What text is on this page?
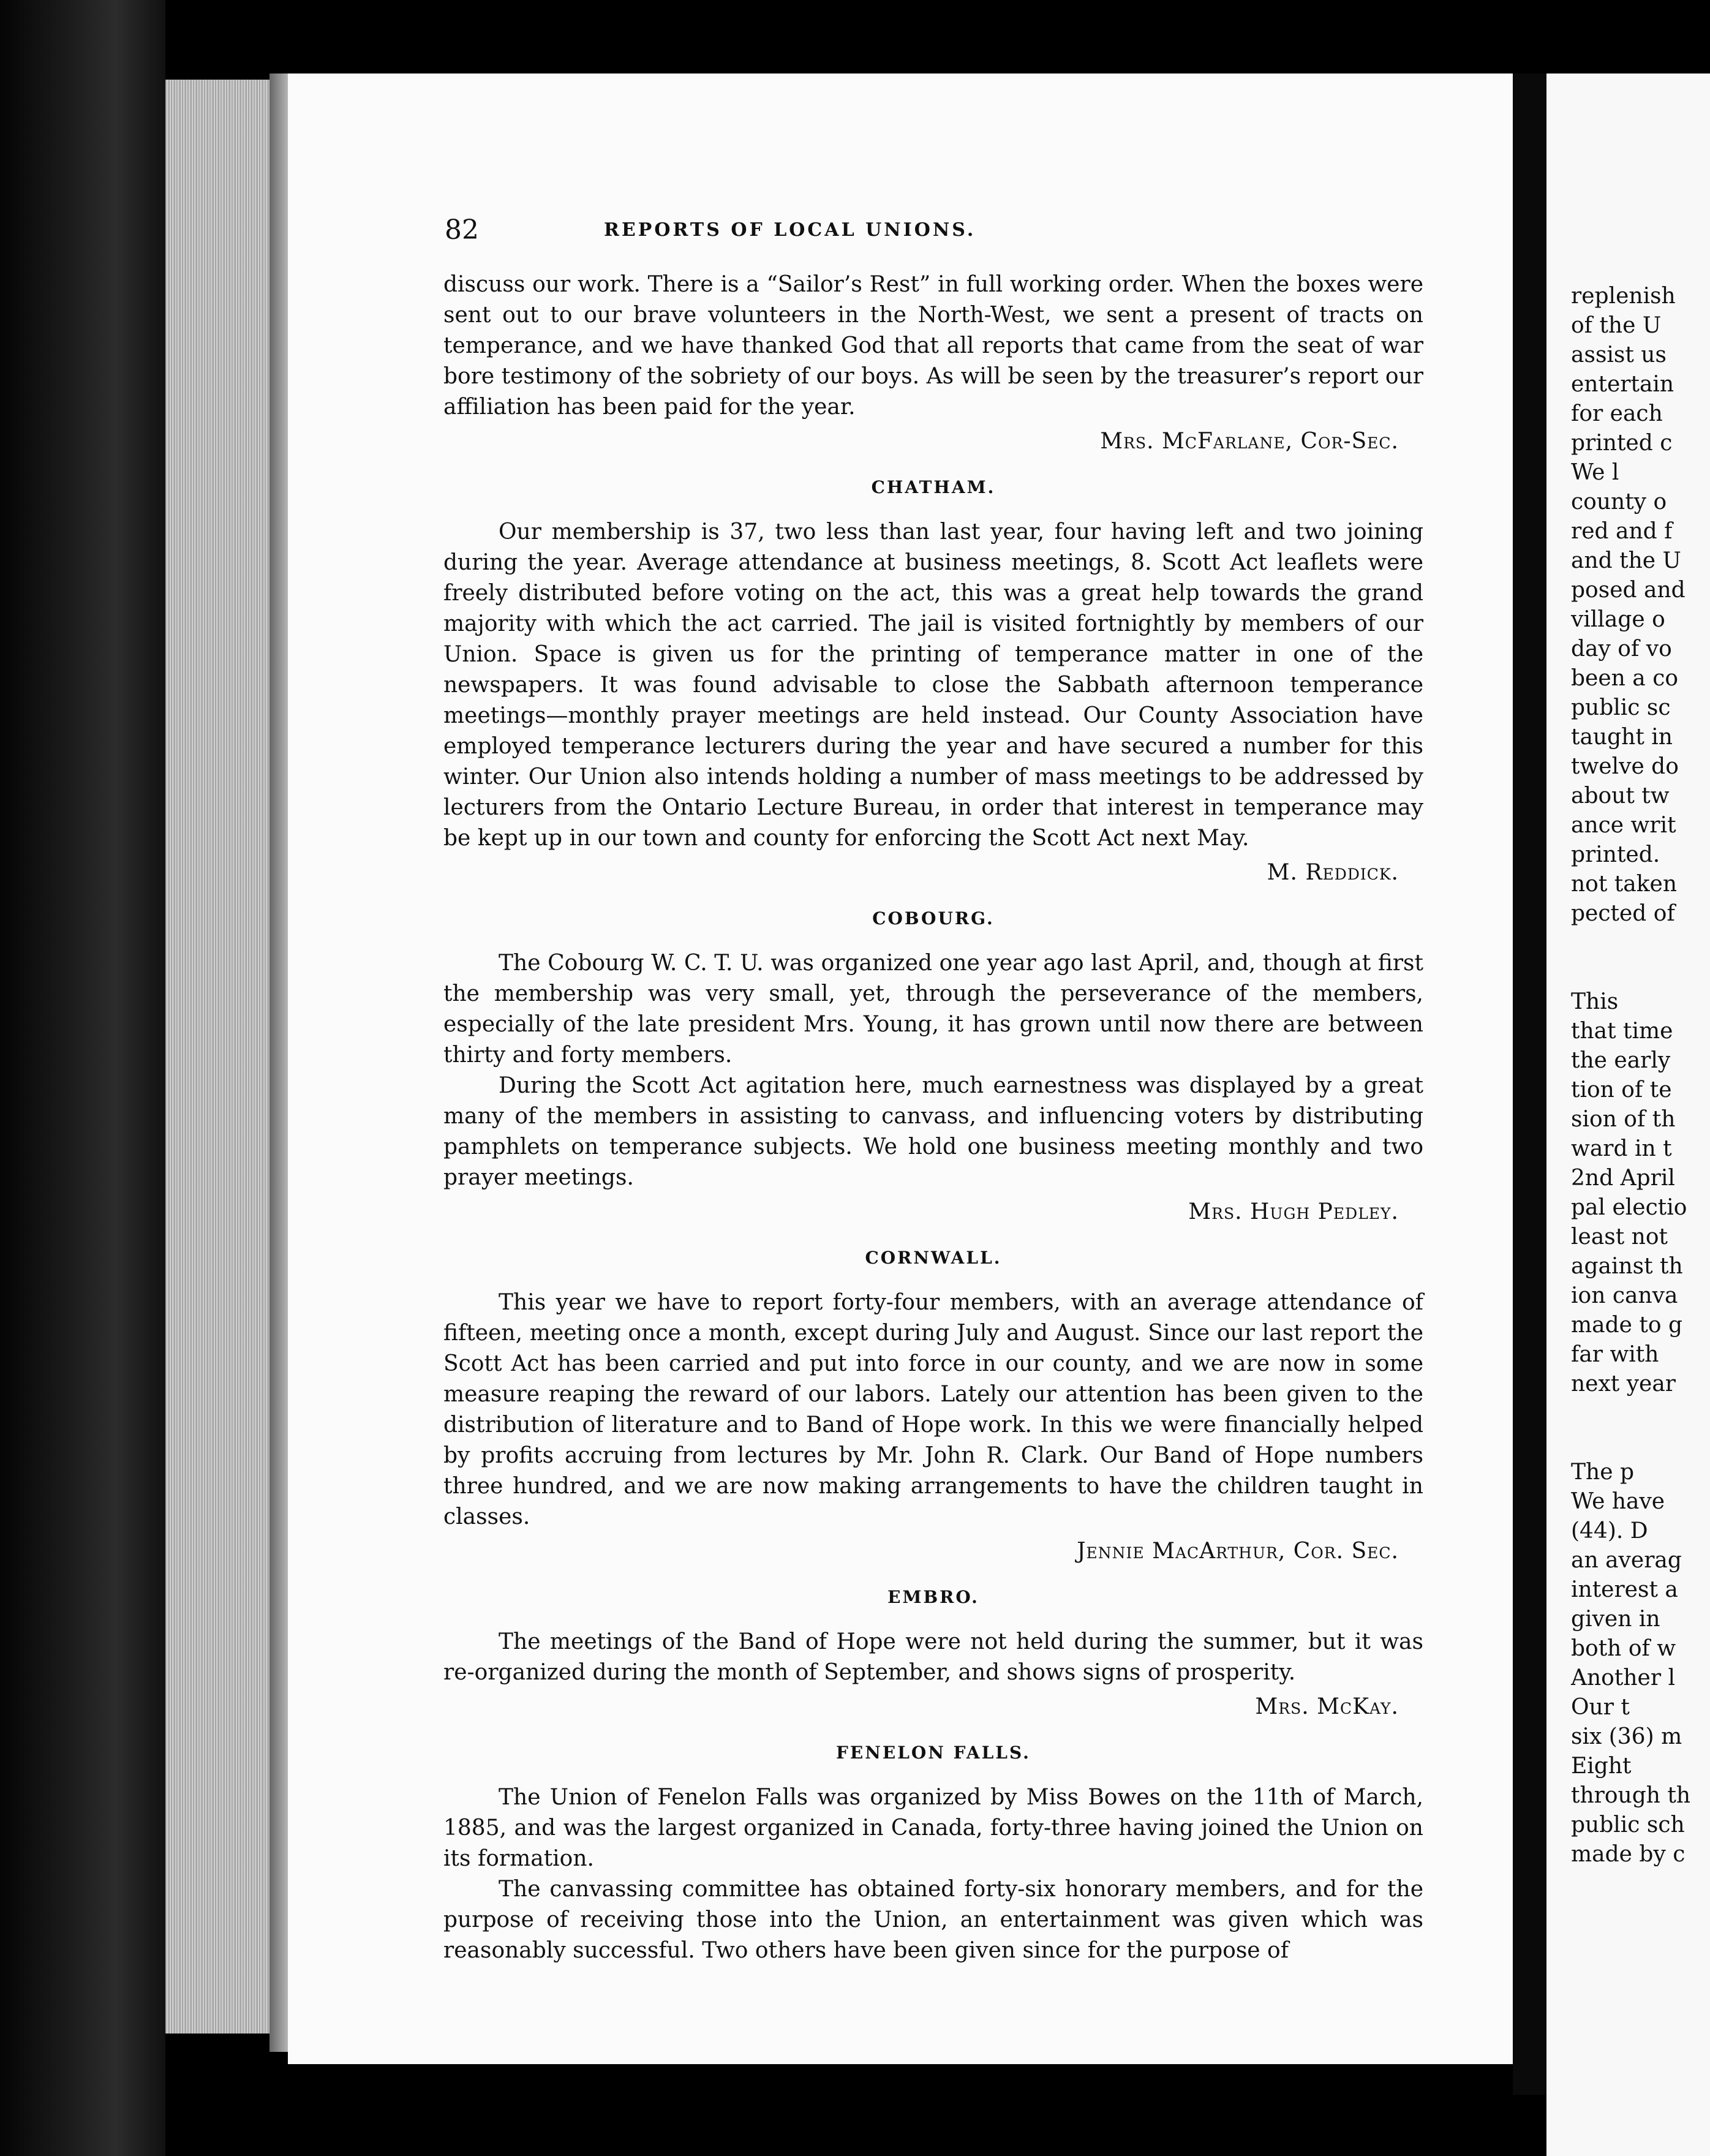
82	REPORTS OF LOCAL UNIONS.

discuss our work. There is a “Sailor’s Rest” in full working order. When the boxes were sent out to our brave volunteers in the North-West, we sent a present of tracts on temperance, and we have thanked God that all reports that came from the seat of war bore testimony of the sobriety of our boys. As will be seen by the treasurer’s report our affiliation has been paid for the year.

Mrs. McFarlane, Cor-Sec.

CHATHAM.

Our membership is 37, two less than last year, four having left and two joining during the year. Average attendance at business meetings, 8. Scott Act leaflets were freely distributed before voting on the act, this was a great help towards the grand majority with which the act carried. The jail is visited fortnightly by members of our Union. Space is given us for the printing of temperance matter in one of the newspapers. It was found advisable to close the Sabbath afternoon temperance meetings—monthly prayer meetings are held instead. Our County Association have employed temperance lecturers during the year and have secured a number for this winter. Our Union also intends holding a number of mass meetings to be addressed by lecturers from the Ontario Lecture Bureau, in order that interest in temperance may be kept up in our town and county for enforcing the Scott Act next May.

M. Reddick.

COBOURG.

The Cobourg W. C. T. U. was organized one year ago last April, and, though at first the membership was very small, yet, through the perseverance of the members, especially of the late president Mrs. Young, it has grown until now there are between thirty and forty members.

During the Scott Act agitation here, much earnestness was displayed by a great many of the members in assisting to canvass, and influencing voters by distributing pamphlets on temperance subjects. We hold one business meeting monthly and two prayer meetings.

Mrs. Hugh Pedley.

CORNWALL.

This year we have to report forty-four members, with an average attendance of fifteen, meeting once a month, except during July and August. Since our last report the Scott Act has been carried and put into force in our county, and we are now in some measure reaping the reward of our labors. Lately our attention has been given to the distribution of literature and to Band of Hope work. In this we were financially helped by profits accruing from lectures by Mr. John R. Clark. Our Band of Hope numbers three hundred, and we are now making arrangements to have the children taught in classes.

Jennie MacArthur, Cor. Sec.

EMBRO.

The meetings of the Band of Hope were not held during the summer, but it was re-organized during the month of September, and shows signs of prosperity.

Mrs. McKay.

FENELON FALLS.

The Union of Fenelon Falls was organized by Miss Bowes on the 11th of March, 1885, and was the largest organized in Canada, forty-three having joined the Union on its formation.

The canvassing committee has obtained forty-six honorary members, and for the purpose of receiving those into the Union, an entertainment was given which was reasonably successful. Two others have been given since for the purpose of

replenish
of the U
assist us
entertain
for each
printed c
We l
county o
red and f
and the U
posed and
village o
day of vo
been a co
public sc
taught in
twelve do
about tw
ance writ
printed.
not taken
pected of
This
that time
the early
tion of te
sion of th
ward in t
2nd April
pal electio
least not
against th
ion canva
made to g
far with
next year
The p
We have
(44). D
an averag
interest a
given in
both of w
Another l
Our t
six (36) m
Eight
through th
public sch
made by c
